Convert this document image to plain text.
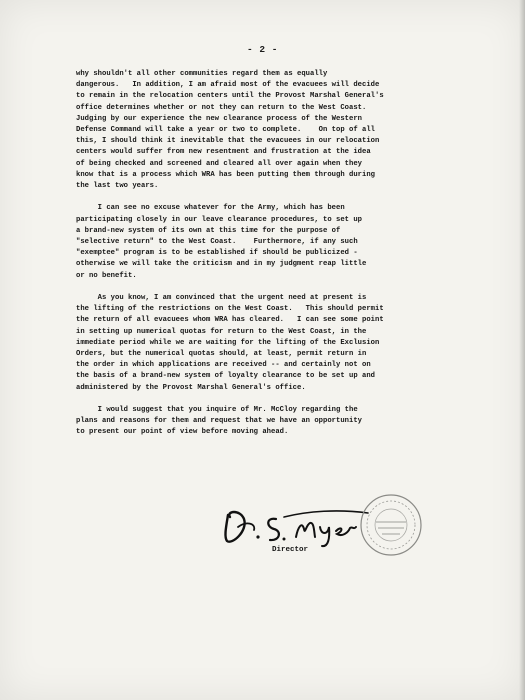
- 2 -
why shouldn't all other communities regard them as equally
dangerous.   In addition, I am afraid most of the evacuees will decide
to remain in the relocation centers until the Provost Marshal General's
office determines whether or not they can return to the West Coast.
Judging by our experience the new clearance process of the Western
Defense Command will take a year or two to complete.    On top of all
this, I should think it inevitable that the evacuees in our relocation
centers would suffer from new resentment and frustration at the idea
of being checked and screened and cleared all over again when they
know that is a process which WRA has been putting them through during
the last two years.
I can see no excuse whatever for the Army, which has been
participating closely in our leave clearance procedures, to set up
a brand-new system of its own at this time for the purpose of
"selective return" to the West Coast.    Furthermore, if any such
"exemptee" program is to be established if should be publicized -
otherwise we will take the criticism and in my judgment reap little
or no benefit.
As you know, I am convinced that the urgent need at present is
the lifting of the restrictions on the West Coast.   This should permit
the return of all evacuees whom WRA has cleared.   I can see some point
in setting up numerical quotas for return to the West Coast, in the
immediate period while we are waiting for the lifting of the Exclusion
Orders, but the numerical quotas should, at least, permit return in
the order in which applications are received -- and certainly not on
the basis of a brand-new system of loyalty clearance to be set up and
administered by the Provost Marshal General's office.
I would suggest that you inquire of Mr. McCloy regarding the
plans and reasons for them and request that we have an opportunity
to present our point of view before moving ahead.
Director
